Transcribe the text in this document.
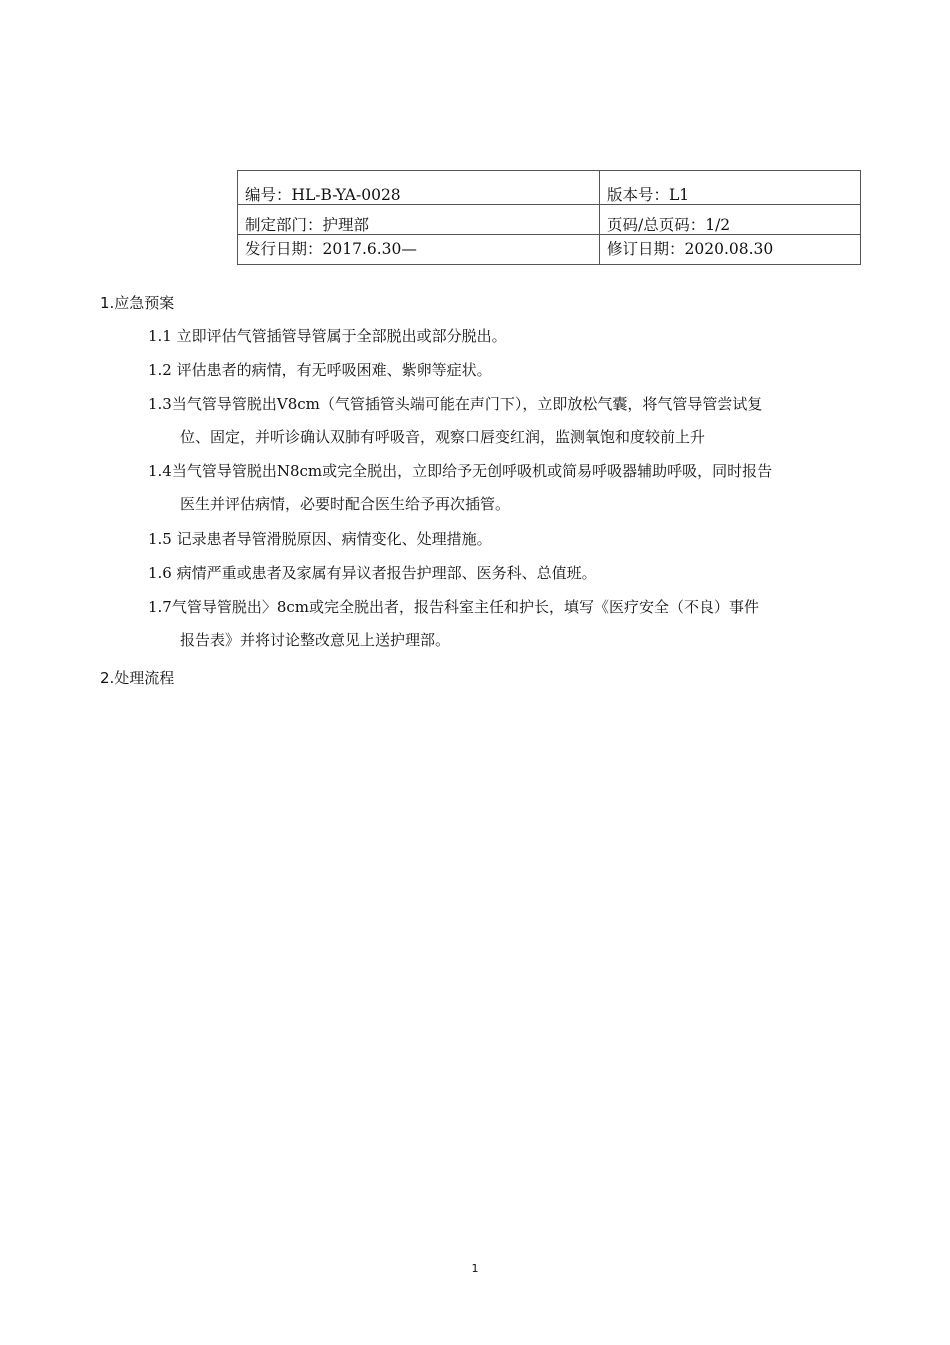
编号：HL-B-YA-0028	版本号：L1
制定部门：护理部	页码/总页码：1/2
发行日期：2017.6.30—	修订日期：2020.08.30
1.应急预案
1.1 立即评估气管插管导管属于全部脱出或部分脱出。
1.2 评估患者的病情，有无呼吸困难、紫卵等症状。
1.3当气管导管脱出V8cm（气管插管头端可能在声门下），立即放松气囊，将气管导管尝试复
位、固定，并听诊确认双肺有呼吸音，观察口唇变红润，监测氧饱和度较前上升
1.4当气管导管脱出N8cm或完全脱出，立即给予无创呼吸机或简易呼吸器辅助呼吸，同时报告
医生并评估病情，必要时配合医生给予再次插管。
1.5 记录患者导管滑脱原因、病情变化、处理措施。
1.6 病情严重或患者及家属有异议者报告护理部、医务科、总值班。
1.7气管导管脱出〉8cm或完全脱出者，报告科室主任和护长，填写《医疗安全（不良）事件
报告表》并将讨论整改意见上送护理部。
2.处理流程
1
